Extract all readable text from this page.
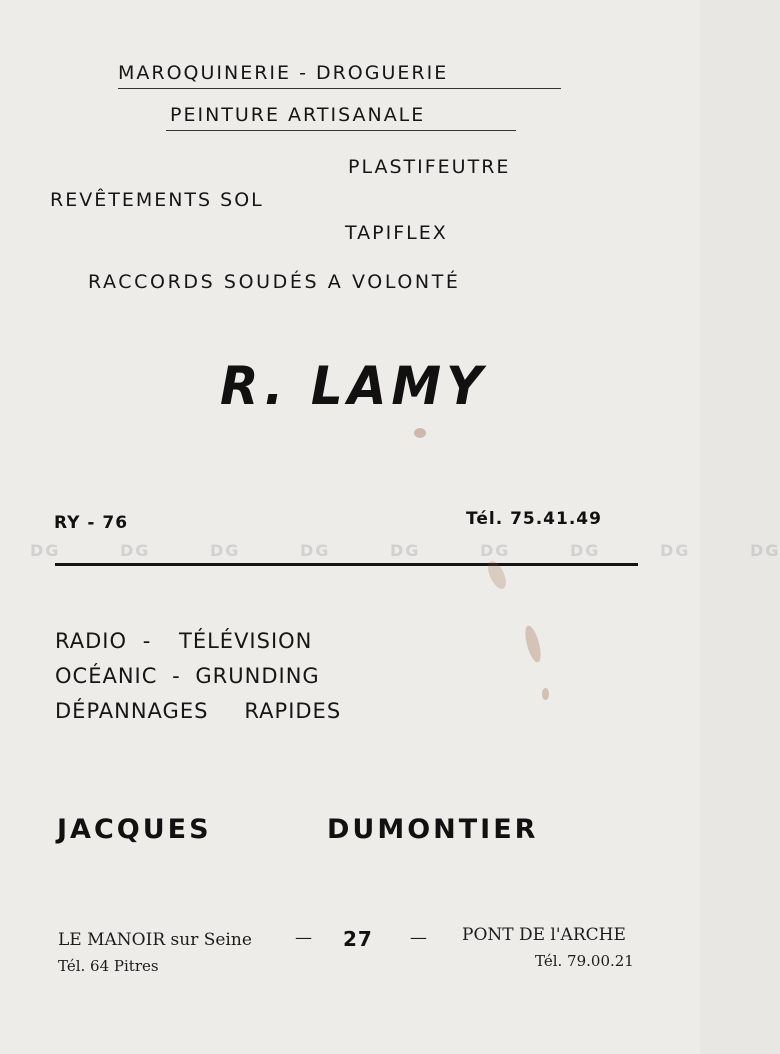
MAROQUINERIE - DROGUERIE
PEINTURE ARTISANALE
PLASTIFEUTRE
REVÊTEMENTS SOL
TAPIFLEX
RACCORDS SOUDÉS A VOLONTÉ
R. LAMY
DG	DG	DG	DG	DG	DG	DG	DG	DG
RY - 76	Tél. 75.41.49
RADIO - TÉLÉVISION
OCÉANIC - GRUNDING
DÉPANNAGES RAPIDES
JACQUES	DUMONTIER
LE MANOIR sur Seine
Tél. 64 Pitres
— 27 — PONT DE l'ARCHE
Tél. 79.00.21
